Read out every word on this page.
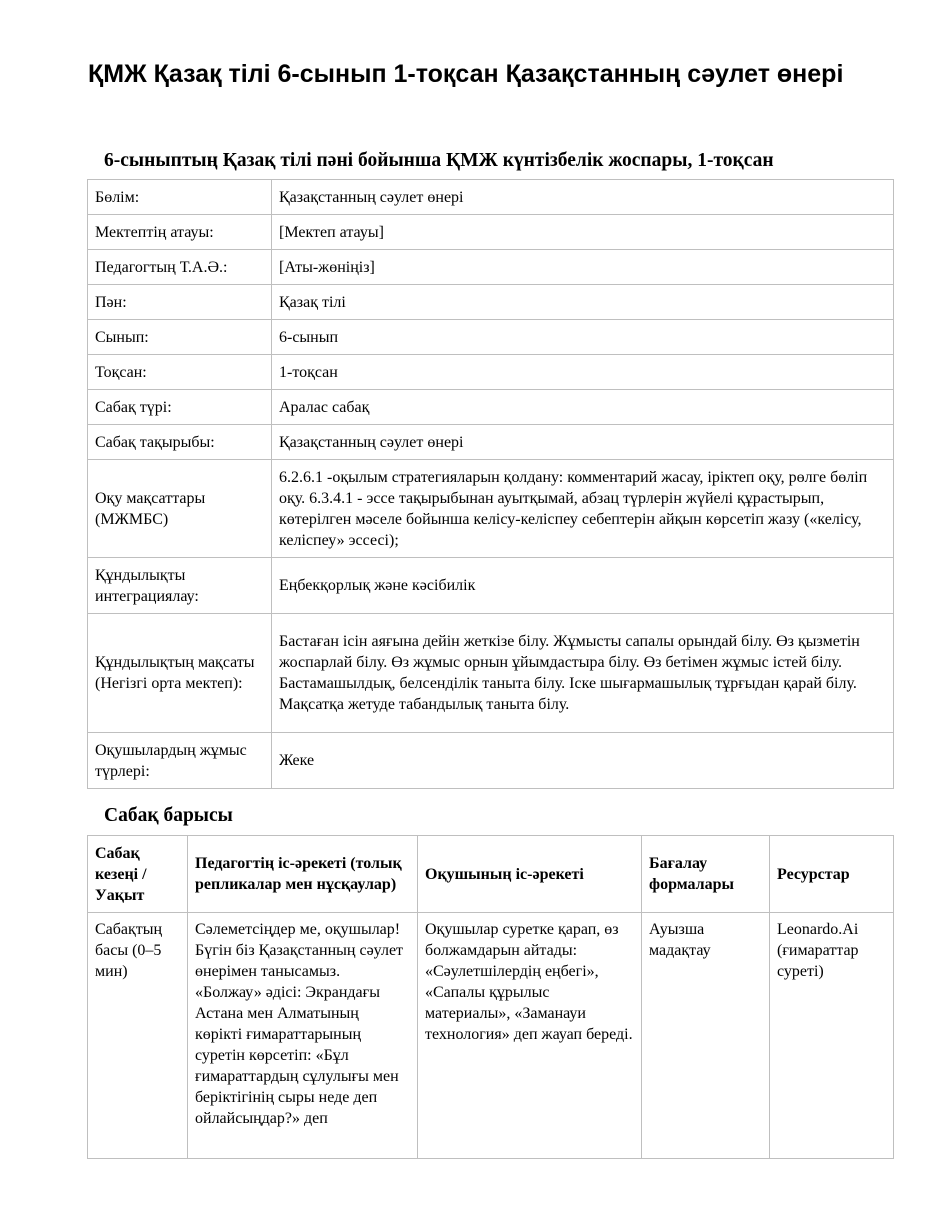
ҚМЖ Қазақ тілі 6-сынып 1-тоқсан Қазақстанның сәулет өнері
6-сыныптың Қазақ тілі пәні бойынша ҚМЖ күнтізбелік жоспары, 1-тоқсан
Бөлім:	Қазақстанның сәулет өнері
Мектептің атауы:	[Мектеп атауы]
Педагогтың Т.А.Ә.:	[Аты-жөніңіз]
Пән:	Қазақ тілі
Сынып:	6-сынып
Тоқсан:	1-тоқсан
Сабақ түрі:	Аралас сабақ
Сабақ тақырыбы:	Қазақстанның сәулет өнері
Оқу мақсаттары (МЖМБС)	6.2.6.1 -оқылым стратегияларын қолдану: комментарий жасау, іріктеп оқу, рөлге бөліп оқу. 6.3.4.1 - эссе тақырыбынан ауытқымай, абзац түрлерін жүйелі құрастырып, көтерілген мәселе бойынша келісу-келіспеу себептерін айқын көрсетіп жазу («келісу, келіспеу» эссесі);
Құндылықты интеграциялау:	Еңбекқорлық және кәсібилік
Құндылықтың мақсаты (Негізгі орта мектеп):	Бастаған ісін аяғына дейін жеткізе білу. Жұмысты сапалы орындай білу. Өз қызметін жоспарлай білу. Өз жұмыс орнын ұйымдастыра білу. Өз бетімен жұмыс істей білу. Бастамашылдық, белсенділік таныта білу. Іске шығармашылық тұрғыдан қарай білу. Мақсатқа жетуде табандылық таныта білу.
Оқушылардың жұмыс түрлері:	Жеке
Сабақ барысы
Сабақ кезеңі / Уақыт	Педагогтің іс-әрекеті (толық репликалар мен нұсқаулар)	Оқушының іс-әрекеті	Бағалау формалары	Ресурстар
Сабақтың басы (0–5 мин)	Сәлеметсіңдер ме, оқушылар! Бүгін біз Қазақстанның сәулет өнерімен танысамыз. «Болжау» әдісі: Экрандағы Астана мен Алматының көрікті ғимараттарының суретін көрсетіп: «Бұл ғимараттардың сұлулығы мен беріктігінің сыры неде деп ойлайсыңдар?» деп	Оқушылар суретке қарап, өз болжамдарын айтады: «Сәулетшілердің еңбегі», «Сапалы құрылыс материалы», «Заманауи технология» деп жауап береді.	Ауызша мадақтау	Leonardo.Ai (ғимараттар суреті)
